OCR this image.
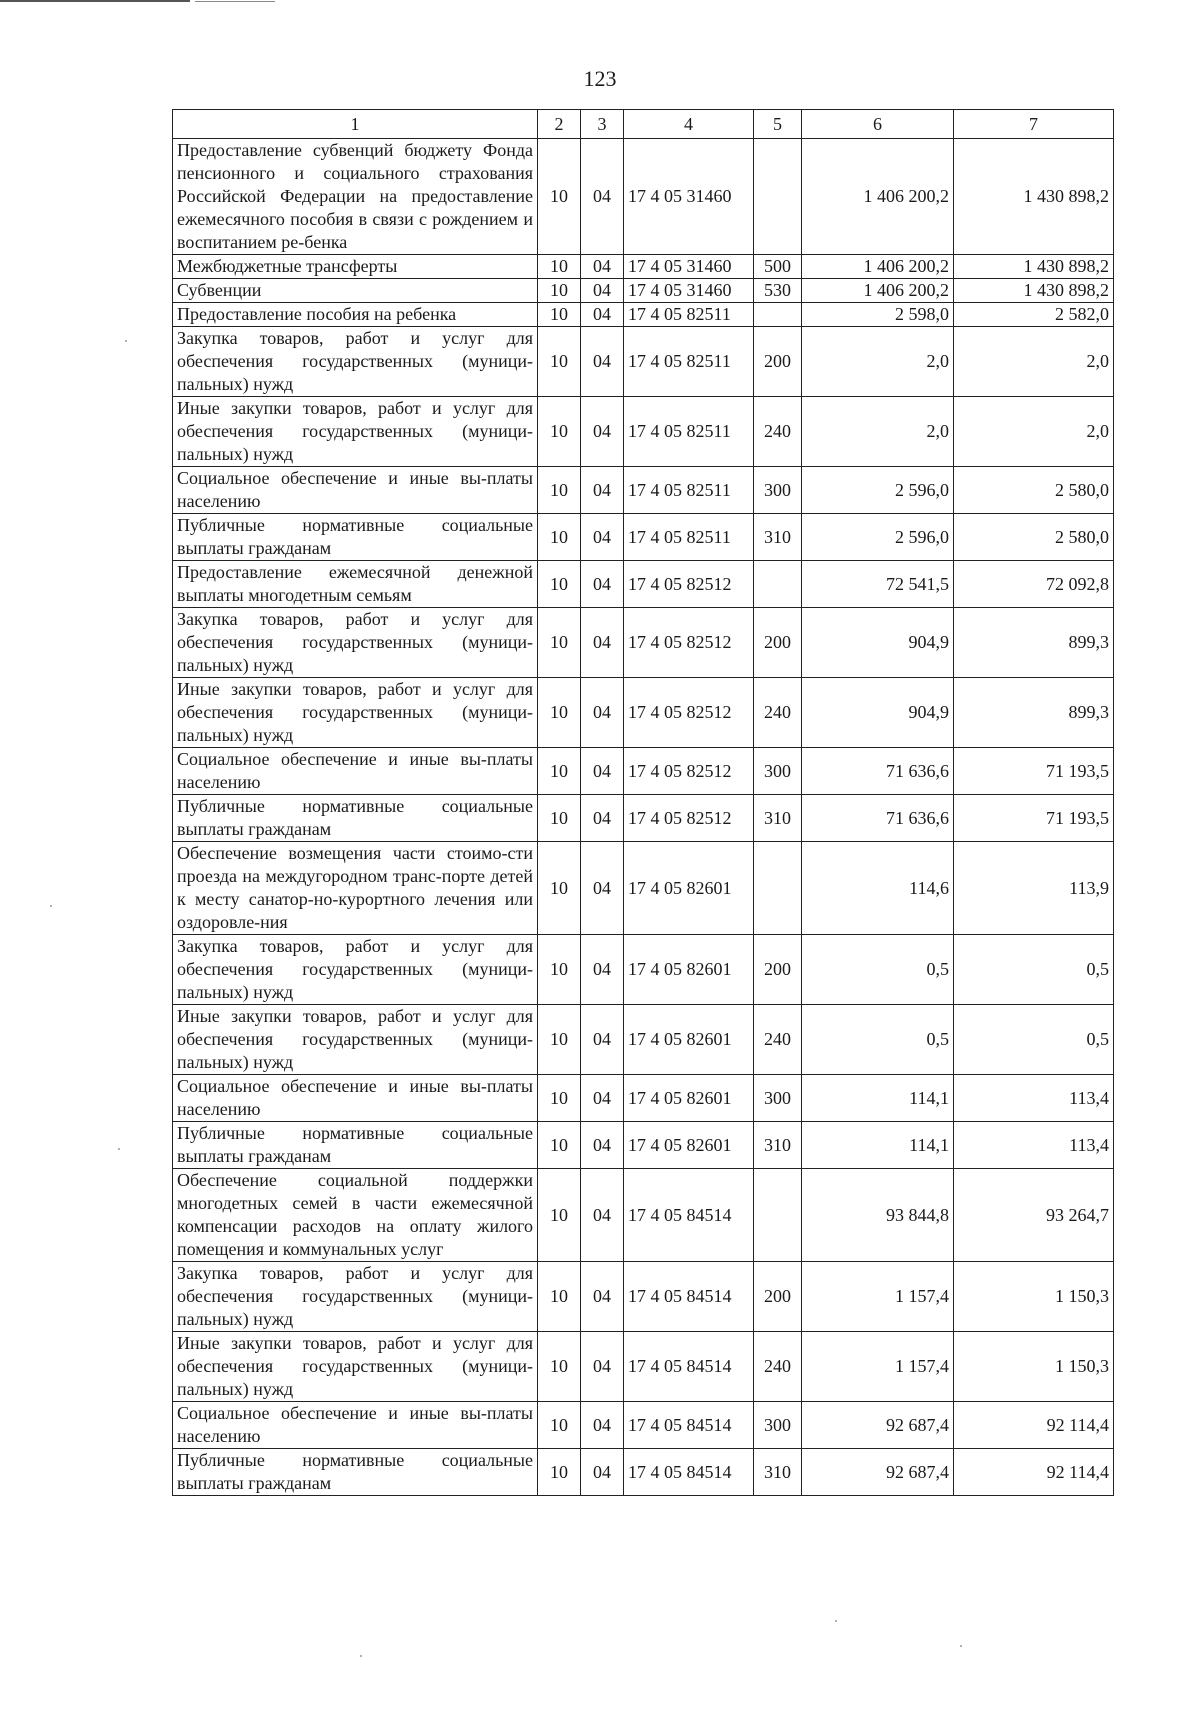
123
1	2	3	4	5	6	7
Предоставление субвенций бюджету Фонда пенсионного и социального страхования Российской Федерации на предоставление ежемесячного пособия в связи с рождением и воспитанием ре-бенка	10	04	17 4 05 31460		1 406 200,2	1 430 898,2
Межбюджетные трансферты	10	04	17 4 05 31460	500	1 406 200,2	1 430 898,2
Субвенции	10	04	17 4 05 31460	530	1 406 200,2	1 430 898,2
Предоставление пособия на ребенка	10	04	17 4 05 82511		2 598,0	2 582,0
Закупка товаров, работ и услуг для обеспечения государственных (муници-пальных) нужд	10	04	17 4 05 82511	200	2,0	2,0
Иные закупки товаров, работ и услуг для обеспечения государственных (муници-пальных) нужд	10	04	17 4 05 82511	240	2,0	2,0
Социальное обеспечение и иные вы-платы населению	10	04	17 4 05 82511	300	2 596,0	2 580,0
Публичные нормативные социальные выплаты гражданам	10	04	17 4 05 82511	310	2 596,0	2 580,0
Предоставление ежемесячной денежной выплаты многодетным семьям	10	04	17 4 05 82512		72 541,5	72 092,8
Закупка товаров, работ и услуг для обеспечения государственных (муници-пальных) нужд	10	04	17 4 05 82512	200	904,9	899,3
Иные закупки товаров, работ и услуг для обеспечения государственных (муници-пальных) нужд	10	04	17 4 05 82512	240	904,9	899,3
Социальное обеспечение и иные вы-платы населению	10	04	17 4 05 82512	300	71 636,6	71 193,5
Публичные нормативные социальные выплаты гражданам	10	04	17 4 05 82512	310	71 636,6	71 193,5
Обеспечение возмещения части стоимо-сти проезда на междугородном транс-порте детей к месту санатор-но-курортного лечения или оздоровле-ния	10	04	17 4 05 82601		114,6	113,9
Закупка товаров, работ и услуг для обеспечения государственных (муници-пальных) нужд	10	04	17 4 05 82601	200	0,5	0,5
Иные закупки товаров, работ и услуг для обеспечения государственных (муници-пальных) нужд	10	04	17 4 05 82601	240	0,5	0,5
Социальное обеспечение и иные вы-платы населению	10	04	17 4 05 82601	300	114,1	113,4
Публичные нормативные социальные выплаты гражданам	10	04	17 4 05 82601	310	114,1	113,4
Обеспечение социальной поддержки многодетных семей в части ежемесячной компенсации расходов на оплату жилого помещения и коммунальных услуг	10	04	17 4 05 84514		93 844,8	93 264,7
Закупка товаров, работ и услуг для обеспечения государственных (муници-пальных) нужд	10	04	17 4 05 84514	200	1 157,4	1 150,3
Иные закупки товаров, работ и услуг для обеспечения государственных (муници-пальных) нужд	10	04	17 4 05 84514	240	1 157,4	1 150,3
Социальное обеспечение и иные вы-платы населению	10	04	17 4 05 84514	300	92 687,4	92 114,4
Публичные нормативные социальные выплаты гражданам	10	04	17 4 05 84514	310	92 687,4	92 114,4
